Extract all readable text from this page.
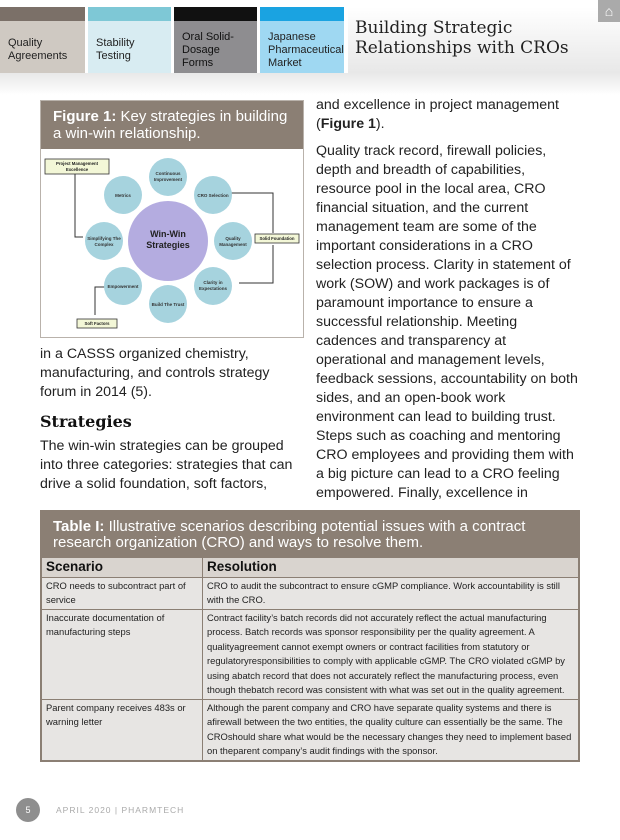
Quality Agreements
Stability Testing
Oral Solid-Dosage Forms
Japanese Pharmaceutical Market
Building Strategic Relationships with CROs
⌂
Figure 1: Key strategies in building a win-win relationship.
Win-Win
Strategies
Continuous
Improvement
CRO Selection
Quality
Management
Clarity in
Expectations
Build The Trust
Empowerment
Simplifying The
Complex
Metrics
Project Management
Excellence
Solid Foundation
Soft Factors

in a CASSS organized chemistry, manufacturing, and controls strategy forum in 2014 (5).

Strategies

The win-win strategies can be grouped into three categories: strategies that can drive a solid foundation, soft factors,

and excellence in project management (Figure 1).

Quality track record, firewall policies, depth and breadth of capabilities, resource pool in the local area, CRO financial situation, and the current management team are some of the important considerations in a CRO selection process. Clarity in statement of work (SOW) and work packages is of paramount importance to ensure a successful relationship. Meeting cadences and transparency at operational and management levels, feedback sessions, accountability on both sides, and an open-book work environment can lead to building trust. Steps such as coaching and mentoring CRO employees and providing them with a big picture can lead to a CRO feeling empowered. Finally, excellence in

Table I: Illustrative scenarios describing potential issues with a contract research organization (CRO) and ways to resolve them.
Scenario	Resolution
CRO needs to subcontract part of service	CRO to audit the subcontract to ensure cGMP compliance. Work accountability is still with the CRO.
Inaccurate documentation of manufacturing steps	Contract facility’s batch records did not accurately reflect the actual manufacturing process. Batch records was sponsor responsibility per the quality agreement. A qualityagreement cannot exempt owners or contract facilities from statutory or regulatoryresponsibilities to comply with applicable cGMP. The CRO violated cGMP by using abatch record that does not accurately reflect the manufacturing process, even though thebatch record was consistent with what was set out in the quality agreement.
Parent company receives 483s or warning letter	Although the parent company and CRO have separate quality systems and there is afirewall between the two entities, the quality culture can essentially be the same. The CROshould share what would be the necessary changes they need to implement based on theparent company’s audit findings with the sponsor.
5	APRIL 2020 | PHARMTECH
